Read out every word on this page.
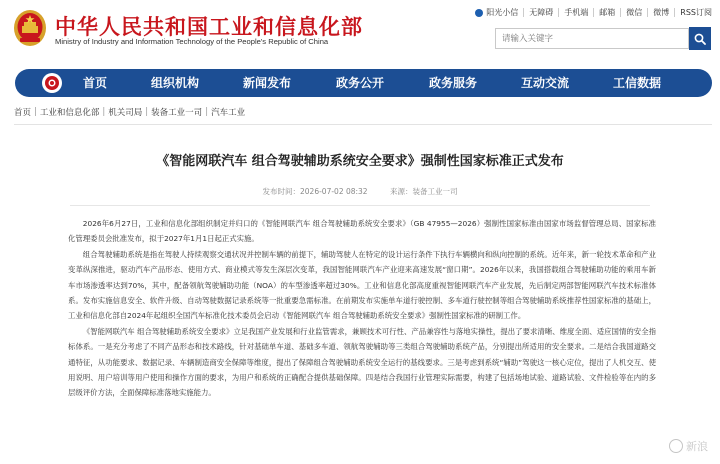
中华人民共和国工业和信息化部
Ministry of Industry and Information Technology of the People's Republic of China
阳光小信	无障碍	手机端	邮箱	微信	微博	RSS订阅
请输入关键字
首页	组织机构	新闻发布	政务公开	政务服务	互动交流	工信数据
首页 | 工业和信息化部 | 机关司局 | 装备工业一司 | 汽车工业
《智能网联汽车 组合驾驶辅助系统安全要求》强制性国家标准正式发布
发布时间：2026-07-02 08:32	来源：装备工业一司

2026年6月27日，工业和信息化部组织制定并归口的《智能网联汽车 组合驾驶辅助系统安全要求》（GB 47955—2026）强制性国家标准由国家市场监督管理总局、国家标准化管理委员会批准发布，拟于2027年1月1日起正式实施。

组合驾驶辅助系统是指在驾驶人持续观察交通状况并控制车辆的前提下，辅助驾驶人在特定的设计运行条件下执行车辆横向和纵向控制的系统。近年来，新一轮技术革命和产业变革纵深推进，驱动汽车产品形态、使用方式、商业模式等发生深层次变革，我国智能网联汽车产业迎来高速发展“窗口期”。2026年以来，我国搭载组合驾驶辅助功能的乘用车新车市场渗透率达到70%，其中，配备领航驾驶辅助功能（NOA）的车型渗透率超过30%。工业和信息化部高度重视智能网联汽车产业发展，先后制定两部智能网联汽车技术标准体系。发布实施信息安全、软件升级、自动驾驶数据记录系统等一批重要急需标准。在前期发布实施单车道行驶控制、多车道行驶控制等组合驾驶辅助系统推荐性国家标准的基础上，工业和信息化部自2024年起组织全国汽车标准化技术委员会启动《智能网联汽车 组合驾驶辅助系统安全要求》强制性国家标准的研制工作。

《智能网联汽车 组合驾驶辅助系统安全要求》立足我国产业发展和行业监管需求，兼顾技术可行性、产品兼容性与落地实操性，提出了要求清晰、维度全面、适应国情的安全指标体系。一是充分考虑了不同产品形态和技术路线，针对基础单车道、基础多车道、领航驾驶辅助等三类组合驾驶辅助系统产品，分别提出所适用的安全要求。二是结合我国道路交通特征，从功能要求、数据记录、车辆制造商安全保障等维度，提出了保障组合驾驶辅助系统安全运行的基线要求。三是考虑到系统“辅助”驾驶这一核心定位，提出了人机交互、使用说明、用户培训等用户使用和操作方面的要求，为用户和系统的正确配合提供基础保障。四是结合我国行业管理实际需要，构建了包括场地试验、道路试验、文件检验等在内的多层级评价方法，全面保障标准落地实施能力。

新浪
